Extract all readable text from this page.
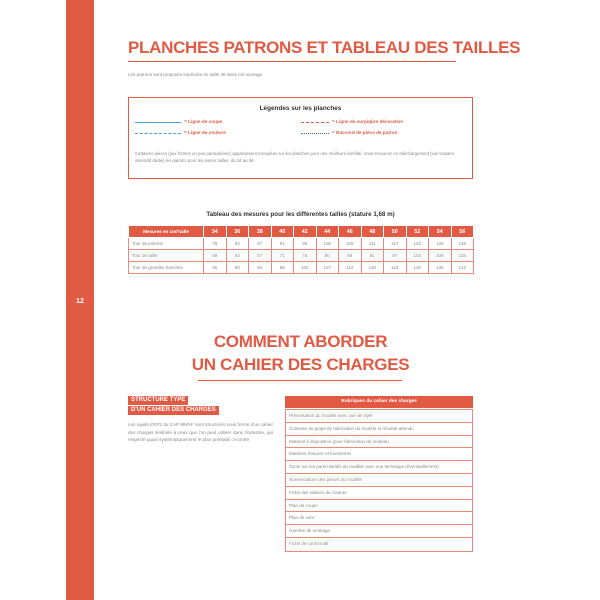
12
PLANCHES PATRONS ET TABLEAU DES TAILLES
Les patrons sont proposés imprimés en taille 38 dans cet ouvrage.
Légendes sur les planches
= Ligne de coupe
= Ligne de couture
= Ligne de surpiqûre décorative
= Raccord de pièce de patron
Certaines pièces (aux formes un peu particulières) apparaissent tronquées sur les planches pour une meilleure lisibilité. Vous trouverez en téléchargement (via l'espace interactif dédié) les patrons pour les autres tailles, du 34 au 56.
Tableau des mesures pour les différentes tailles (stature 1,68 m)
Mesures en cm/Taille	34	36	38	40	42	44	46	48	50	52	54	56
Tour de poitrine	79	83	87	91	95	100	105	111	117	123	129	135
Tour de taille	59	63	67	71	75	80	85	91	97	103	109	115
Tour de grandes hanches	86	90	94	98	102	107	112	118	124	130	136	142
COMMENT ABORDER
UN CAHIER DES CHARGES
STRUCTURE TYPE
D'UN CAHIER DES CHARGES
Les sujets d'EP2 du CAP MMVF sont structurés sous forme d'un cahier des charges similaire à ceux que l'on peut utiliser dans l'industrie, qui respecte quasi systématiquement le plan préétabli ci-contre.
Rubriques du cahier des charges
Présentation du modèle avec vue de style
Contexte du projet de fabrication du modèle et résultat attendu
Matériel à disposition (pour fabrication du modèle)
Matières d'œuvre et fournitures
Zoom sur les particularités du modèle avec vue technique (éventuellement)
Nomenclature des pièces du modèle
Fiche des valeurs de couture
Plan de coupe
Plan de suivi
Gamme de montage
Fiche de conformité
